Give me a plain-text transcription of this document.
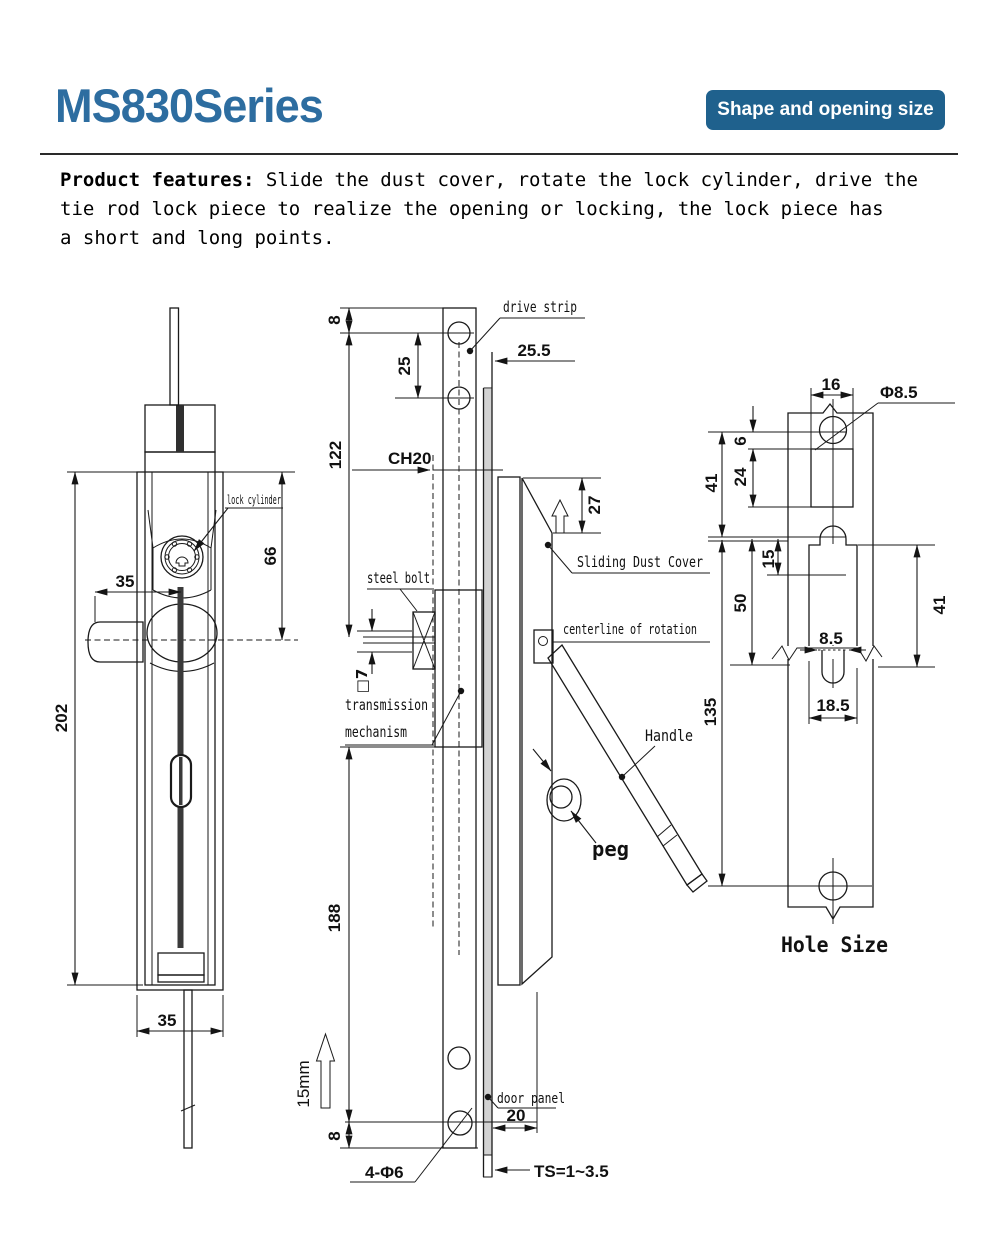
MS830Series	Shape and opening size
Product features: Slide the dust cover, rotate the lock cylinder, drive the
tie rod lock piece to realize the opening or locking, the lock piece has
a short and long points.
35
66
202
35
lock cylinder
□7
centerline of rotation
peg
15mm
8
25
122
188
8
CH20
25.5
27
20
drive strip
Sliding Dust Cover
steel bolt
transmission
mechanism	Handle
door panel
4-Φ6	TS=1~3.5
16 Φ8.5
6
24
41
15
50	41
135
8.5
18.5
Hole Size
